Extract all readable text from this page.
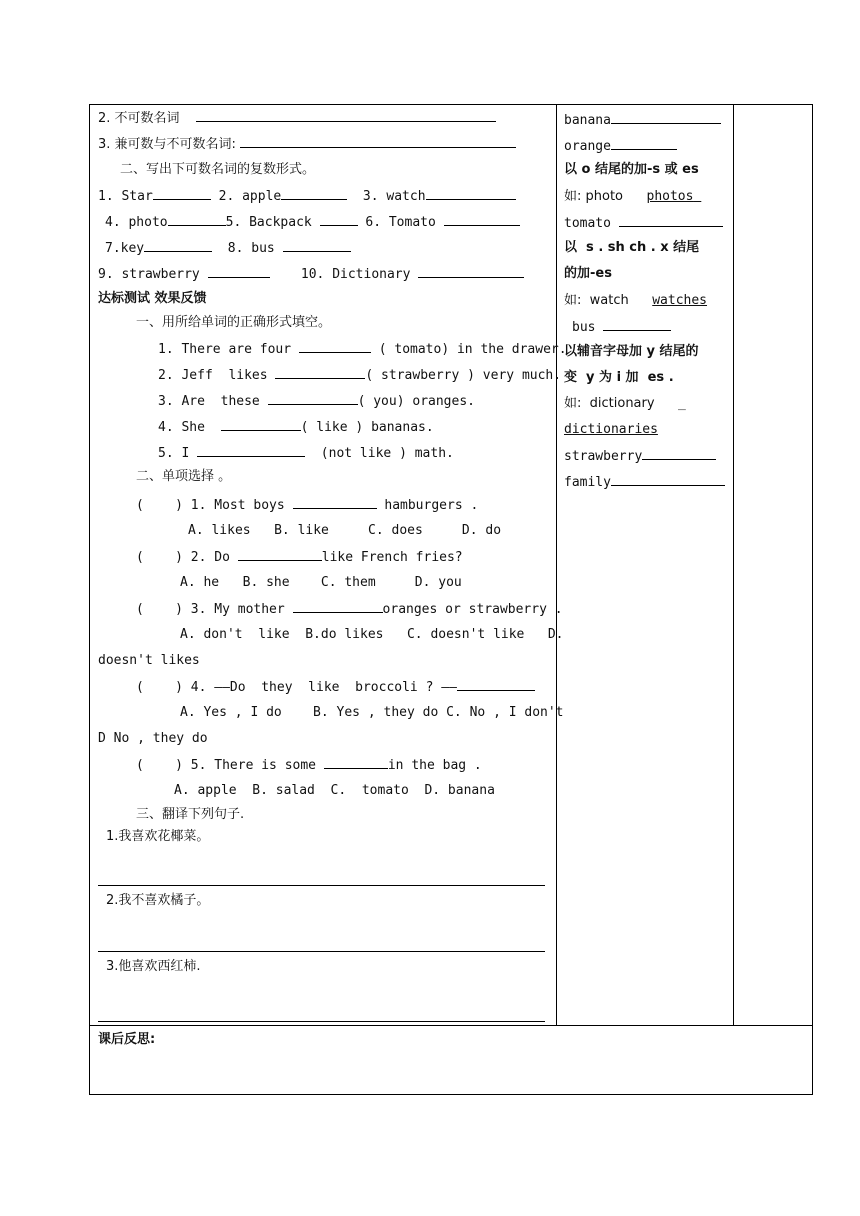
2. 不可数名词
3. 兼可数与不可数名词:
二、写出下可数名词的复数形式。
1. Star	2. apple	3. watch
4. photo	5. Backpack	6. Tomato
7.key	8. bus
9. strawberry	10. Dictionary
达标测试 效果反馈
一、用所给单词的正确形式填空。
1. There are four	( tomato) in the drawer.
2. Jeff  likes	( strawberry ) very much.
3. Are  these	( you) oranges.
4. She	( like ) bananas.
5. I	(not like ) math.
二、单项选择 。
(    ) 1. Most boys	hamburgers .
A. likes   B. like     C. does     D. do
(    ) 2. Do	like French fries?
A. he   B. she    C. them     D. you
(    ) 3. My mother	oranges or strawberry .
A. don't  like  B.do likes   C. doesn't like   D.
doesn't likes
(    ) 4. ——Do  they  like  broccoli ? ——
A. Yes , I do    B. Yes , they do C. No , I don't
D No , they do
(    ) 5. There is some	in the bag .
A. apple  B. salad  C.  tomato  D. banana
三、翻译下列句子.
1.我喜欢花椰菜。
2.我不喜欢橘子。
3.他喜欢西红柿.
banana
orange
以 o 结尾的加-s 或 es
如: photo photos
tomato
以  s . sh ch . x 结尾
的加-es
如:  watch watches
bus
以辅音字母加 y 结尾的
变  y 为 i 加  es .
如:  dictionary   _
dictionaries
strawberry
family
课后反思:
